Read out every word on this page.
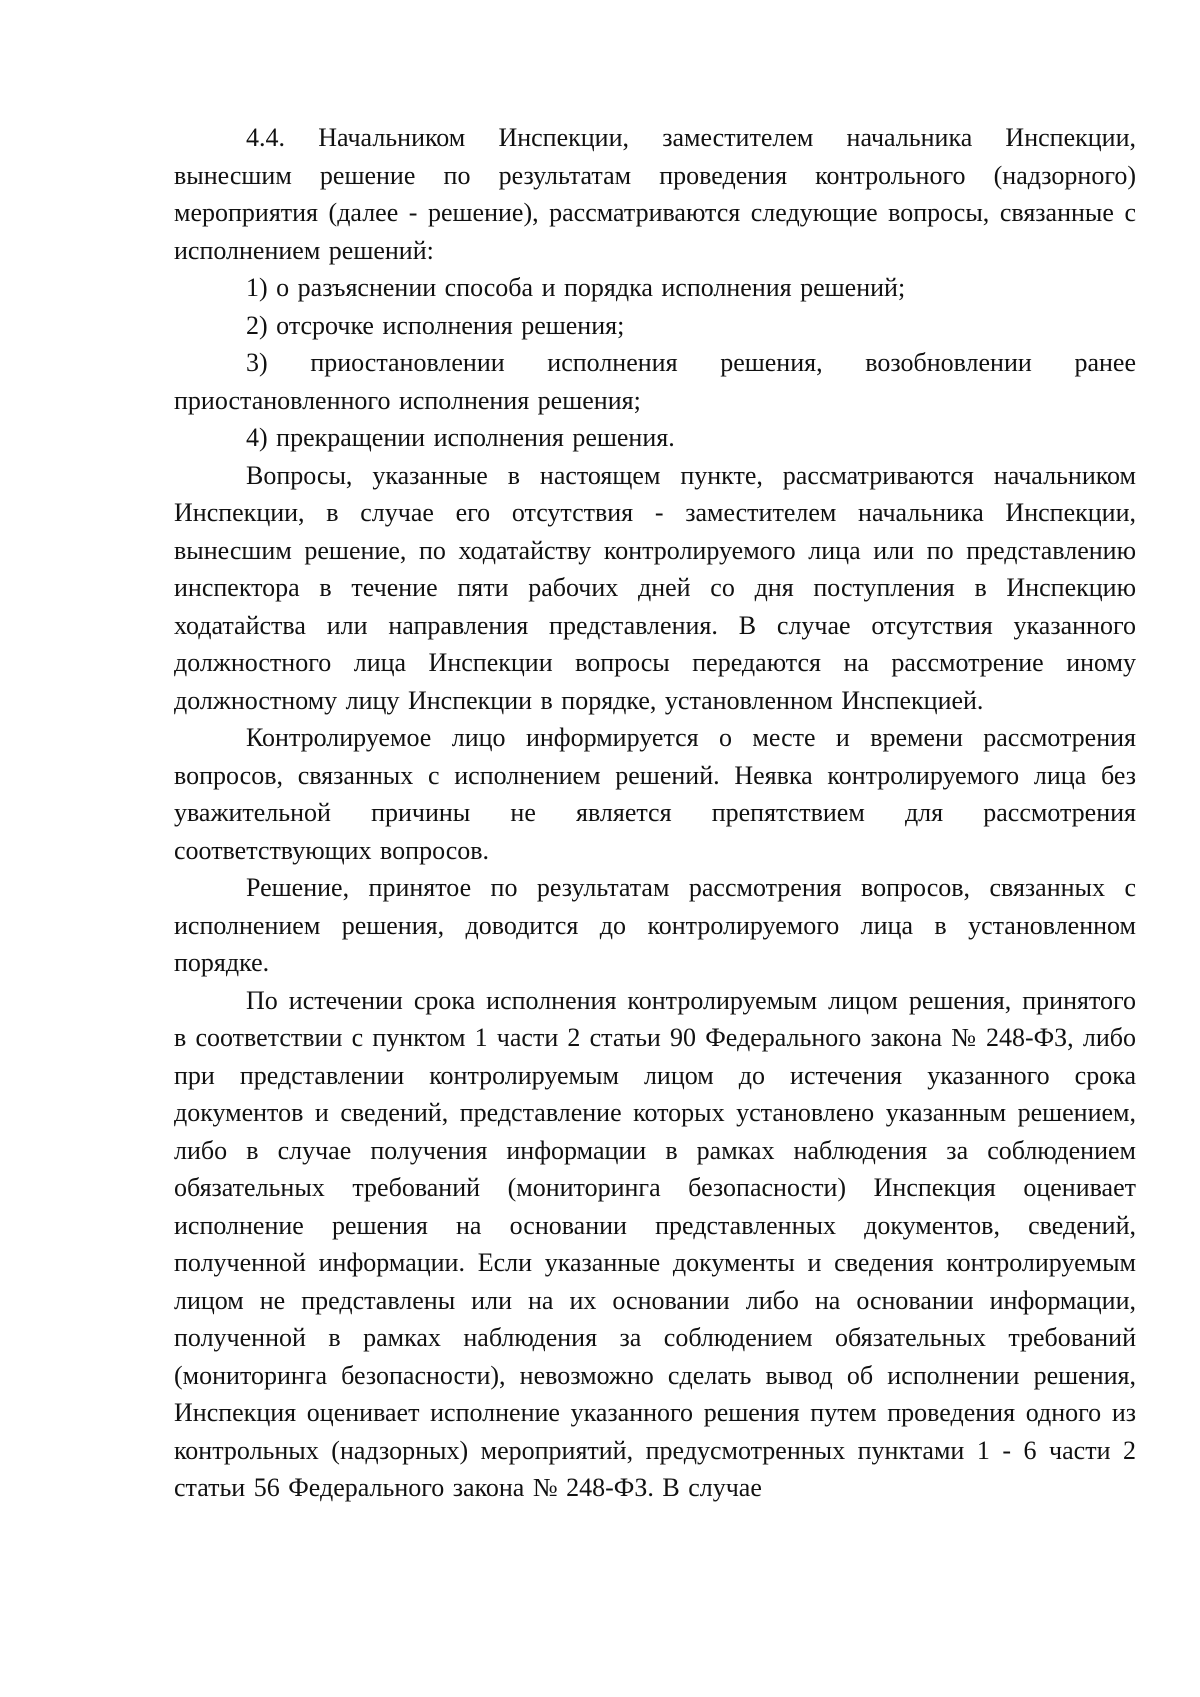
4.4. Начальником Инспекции, заместителем начальника Инспекции, вынесшим решение по результатам проведения контрольного (надзорного) мероприятия (далее - решение), рассматриваются следующие вопросы, связанные с исполнением решений:

1) о разъяснении способа и порядка исполнения решений;

2) отсрочке исполнения решения;

3) приостановлении исполнения решения, возобновлении ранее приостановленного исполнения решения;

4) прекращении исполнения решения.

Вопросы, указанные в настоящем пункте, рассматриваются начальником Инспекции, в случае его отсутствия - заместителем начальника Инспекции, вынесшим решение, по ходатайству контролируемого лица или по представлению инспектора в течение пяти рабочих дней со дня поступления в Инспекцию ходатайства или направления представления. В случае отсутствия указанного должностного лица Инспекции вопросы передаются на рассмотрение иному должностному лицу Инспекции в порядке, установленном Инспекцией.

Контролируемое лицо информируется о месте и времени рассмотрения вопросов, связанных с исполнением решений. Неявка контролируемого лица без уважительной причины не является препятствием для рассмотрения соответствующих вопросов.

Решение, принятое по результатам рассмотрения вопросов, связанных с исполнением решения, доводится до контролируемого лица в установленном порядке.

По истечении срока исполнения контролируемым лицом решения, принятого в соответствии с пунктом 1 части 2 статьи 90 Федерального закона № 248-ФЗ, либо при представлении контролируемым лицом до истечения указанного срока документов и сведений, представление которых установлено указанным решением, либо в случае получения информации в рамках наблюдения за соблюдением обязательных требований (мониторинга безопасности) Инспекция оценивает исполнение решения на основании представленных документов, сведений, полученной информации. Если указанные документы и сведения контролируемым лицом не представлены или на их основании либо на основании информации, полученной в рамках наблюдения за соблюдением обязательных требований (мониторинга безопасности), невозможно сделать вывод об исполнении решения, Инспекция оценивает исполнение указанного решения путем проведения одного из контрольных (надзорных) мероприятий, предусмотренных пунктами 1 - 6 части 2 статьи 56 Федерального закона № 248-ФЗ. В случае
